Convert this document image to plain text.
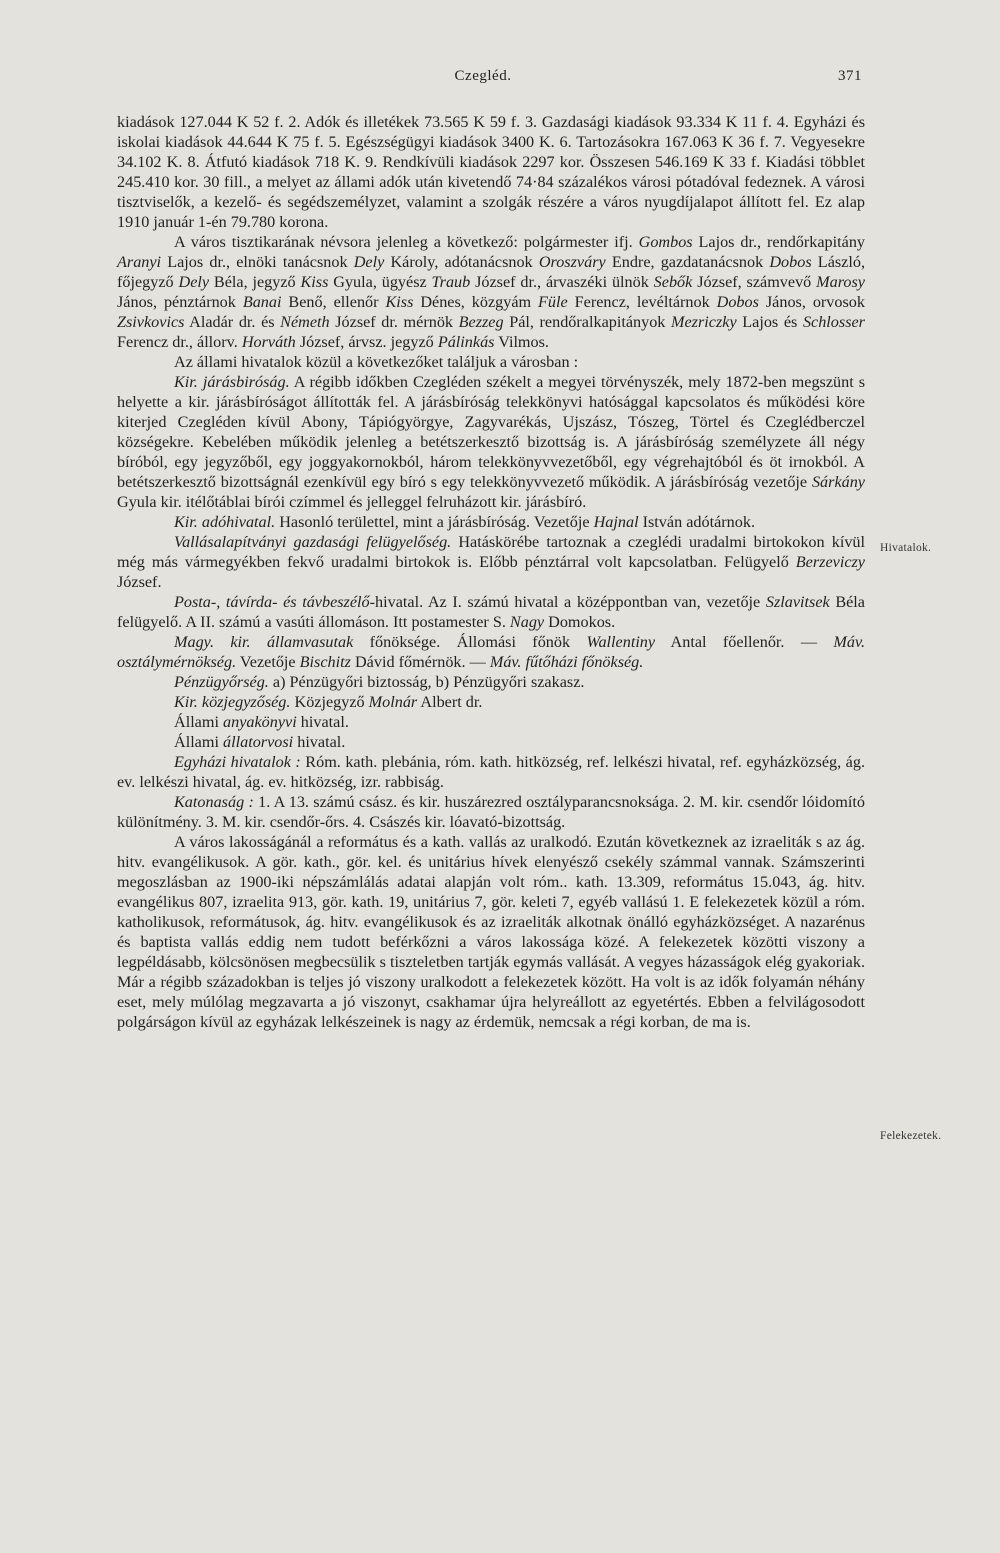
Czegléd.	371
Hivatalok.
Felekezetek.

kiadások 127.044 K 52 f. 2. Adók és illetékek 73.565 K 59 f. 3. Gazdasági kiadások 93.334 K 11 f. 4. Egyházi és iskolai kiadások 44.644 K 75 f. 5. Egészségügyi kiadások 3400 K. 6. Tartozásokra 167.063 K 36 f. 7. Vegyesekre 34.102 K. 8. Átfutó kiadások 718 K. 9. Rendkívüli kiadások 2297 kor. Összesen 546.169 K 33 f. Kiadási többlet 245.410 kor. 30 fill., a melyet az állami adók után kivetendő 74·84 százalékos városi pótadóval fedeznek. A városi tisztviselők, a kezelő- és segédszemélyzet, valamint a szolgák részére a város nyugdíjalapot állított fel. Ez alap 1910 január 1-én 79.780 korona.

A város tisztikarának névsora jelenleg a következő: polgármester ifj. Gombos Lajos dr., rendőrkapitány Aranyi Lajos dr., elnöki tanácsnok Dely Károly, adótanácsnok Oroszváry Endre, gazdatanácsnok Dobos László, főjegyző Dely Béla, jegyző Kiss Gyula, ügyész Traub József dr., árvaszéki ülnök Sebők József, számvevő Marosy János, pénztárnok Banai Benő, ellenőr Kiss Dénes, közgyám Füle Ferencz, levéltárnok Dobos János, orvosok Zsivkovics Aladár dr. és Németh József dr. mérnök Bezzeg Pál, rendőralkapitányok Mezriczky Lajos és Schlosser Ferencz dr., állorv. Horváth József, árvsz. jegyző Pálinkás Vilmos.

Az állami hivatalok közül a következőket találjuk a városban :

Kir. járásbiróság. A régibb időkben Czegléden székelt a megyei törvényszék, mely 1872-ben megszünt s helyette a kir. járásbíróságot állították fel. A járásbíróság telekkönyvi hatósággal kapcsolatos és működési köre kiterjed Czegléden kívül Abony, Tápiógyörgye, Zagyvarékás, Ujszász, Tószeg, Törtel és Czeglédberczel községekre. Kebelében működik jelenleg a betétszerkesztő bizottság is. A járásbíróság személyzete áll négy bíróból, egy jegyzőből, egy joggyakornokból, három telekkönyvvezetőből, egy végrehajtóból és öt irnokból. A betétszerkesztő bizottságnál ezenkívül egy bíró s egy telekkönyvvezető működik. A járásbíróság vezetője Sárkány Gyula kir. itélőtáblai bírói czímmel és jelleggel felruházott kir. járásbíró.

Kir. adóhivatal. Hasonló területtel, mint a járásbíróság. Vezetője Hajnal István adótárnok.

Vallásalapítványi gazdasági felügyelőség. Hatáskörébe tartoznak a czeglédi uradalmi birtokokon kívül még más vármegyékben fekvő uradalmi birtokok is. Előbb pénztárral volt kapcsolatban. Felügyelő Berzeviczy József.

Posta-, távírda- és távbeszélő-hivatal. Az I. számú hivatal a középpontban van, vezetője Szlavitsek Béla felügyelő. A II. számú a vasúti állomáson. Itt postamester S. Nagy Domokos.

Magy. kir. államvasutak főnöksége. Állomási főnök Wallentiny Antal főellenőr. — Máv. osztálymérnökség. Vezetője Bischitz Dávid főmérnök. — Máv. fűtőházi főnökség.

Pénzügyőrség. a) Pénzügyőri biztosság, b) Pénzügyőri szakasz.

Kir. közjegyzőség. Közjegyző Molnár Albert dr.

Állami anyakönyvi hivatal.

Állami állatorvosi hivatal.

Egyházi hivatalok : Róm. kath. plebánia, róm. kath. hitközség, ref. lelkészi hivatal, ref. egyházközség, ág. ev. lelkészi hivatal, ág. ev. hitközség, izr. rabbiság.

Katonaság : 1. A 13. számú csász. és kir. huszárezred osztályparancsnoksága. 2. M. kir. csendőr lóidomító különítmény. 3. M. kir. csendőr-őrs. 4. Császés kir. lóavató-bizottság.

A város lakosságánál a református és a kath. vallás az uralkodó. Ezután következnek az izraeliták s az ág. hitv. evangélikusok. A gör. kath., gör. kel. és unitárius hívek elenyésző csekély számmal vannak. Számszerinti megoszlásban az 1900-iki népszámlálás adatai alapján volt róm.. kath. 13.309, református 15.043, ág. hitv. evangélikus 807, izraelita 913, gör. kath. 19, unitárius 7, gör. keleti 7, egyéb vallású 1. E felekezetek közül a róm. katholikusok, reformátusok, ág. hitv. evangélikusok és az izraeliták alkotnak önálló egyházközséget. A nazarénus és baptista vallás eddig nem tudott beférkőzni a város lakossága közé. A felekezetek közötti viszony a legpéldásabb, kölcsönösen megbecsülik s tiszteletben tartják egymás vallását. A vegyes házasságok elég gyakoriak. Már a régibb századokban is teljes jó viszony uralkodott a felekezetek között. Ha volt is az idők folyamán néhány eset, mely múlólag megzavarta a jó viszonyt, csakhamar újra helyreállott az egyetértés. Ebben a felvilágosodott polgárságon kívül az egyházak lelkészeinek is nagy az érdemük, nemcsak a régi korban, de ma is.
